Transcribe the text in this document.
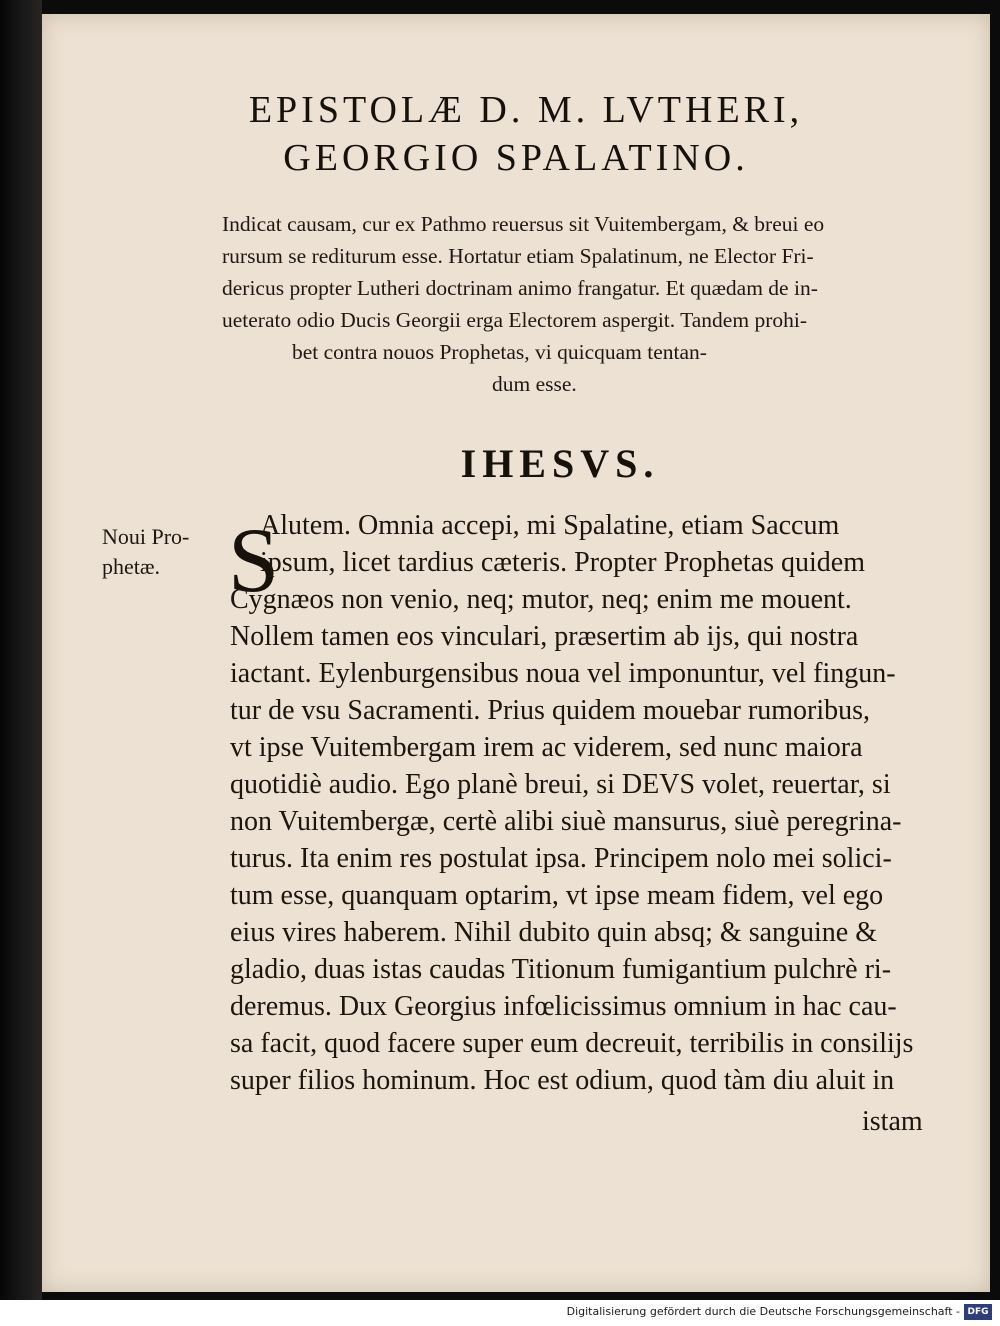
EPISTOLÆ D. M. LVTHERI,
GEORGIO SPALATINO.
Indicat causam, cur ex Pathmo reuersus sit Vuitembergam, & breui eo
rursum se rediturum esse. Hortatur etiam Spalatinum, ne Elector Fri-
dericus propter Lutheri doctrinam animo frangatur. Et quædam de in-
ueterato odio Ducis Georgii erga Electorem aspergit. Tandem prohi-
bet contra nouos Prophetas, vi quicquam tentan-
dum esse.
IHESVS.
Noui Pro-
phetæ. S
Alutem. Omnia accepi, mi Spalatine, etiam Saccum
ipsum, licet tardius cæteris. Propter Prophetas quidem
Cygnæos non venio, neq; mutor, neq; enim me mouent.
Nollem tamen eos vinculari, præsertim ab ijs, qui nostra
iactant. Eylenburgensibus noua vel imponuntur, vel fingun-
tur de vsu Sacramenti. Prius quidem mouebar rumoribus,
vt ipse Vuitembergam irem ac viderem, sed nunc maiora
quotidiè audio. Ego planè breui, si DEVS volet, reuertar, si
non Vuitembergæ, certè alibi siuè mansurus, siuè peregrina-
turus. Ita enim res postulat ipsa. Principem nolo mei solici-
tum esse, quanquam optarim, vt ipse meam fidem, vel ego
eius vires haberem. Nihil dubito quin absq; & sanguine &
gladio, duas istas caudas Titionum fumigantium pulchrè ri-
deremus. Dux Georgius infœlicissimus omnium in hac cau-
sa facit, quod facere super eum decreuit, terribilis in consilijs
super filios hominum. Hoc est odium, quod tàm diu aluit in
istam
Digitalisierung gefördert durch die Deutsche Forschungsgemeinschaft - DFG
